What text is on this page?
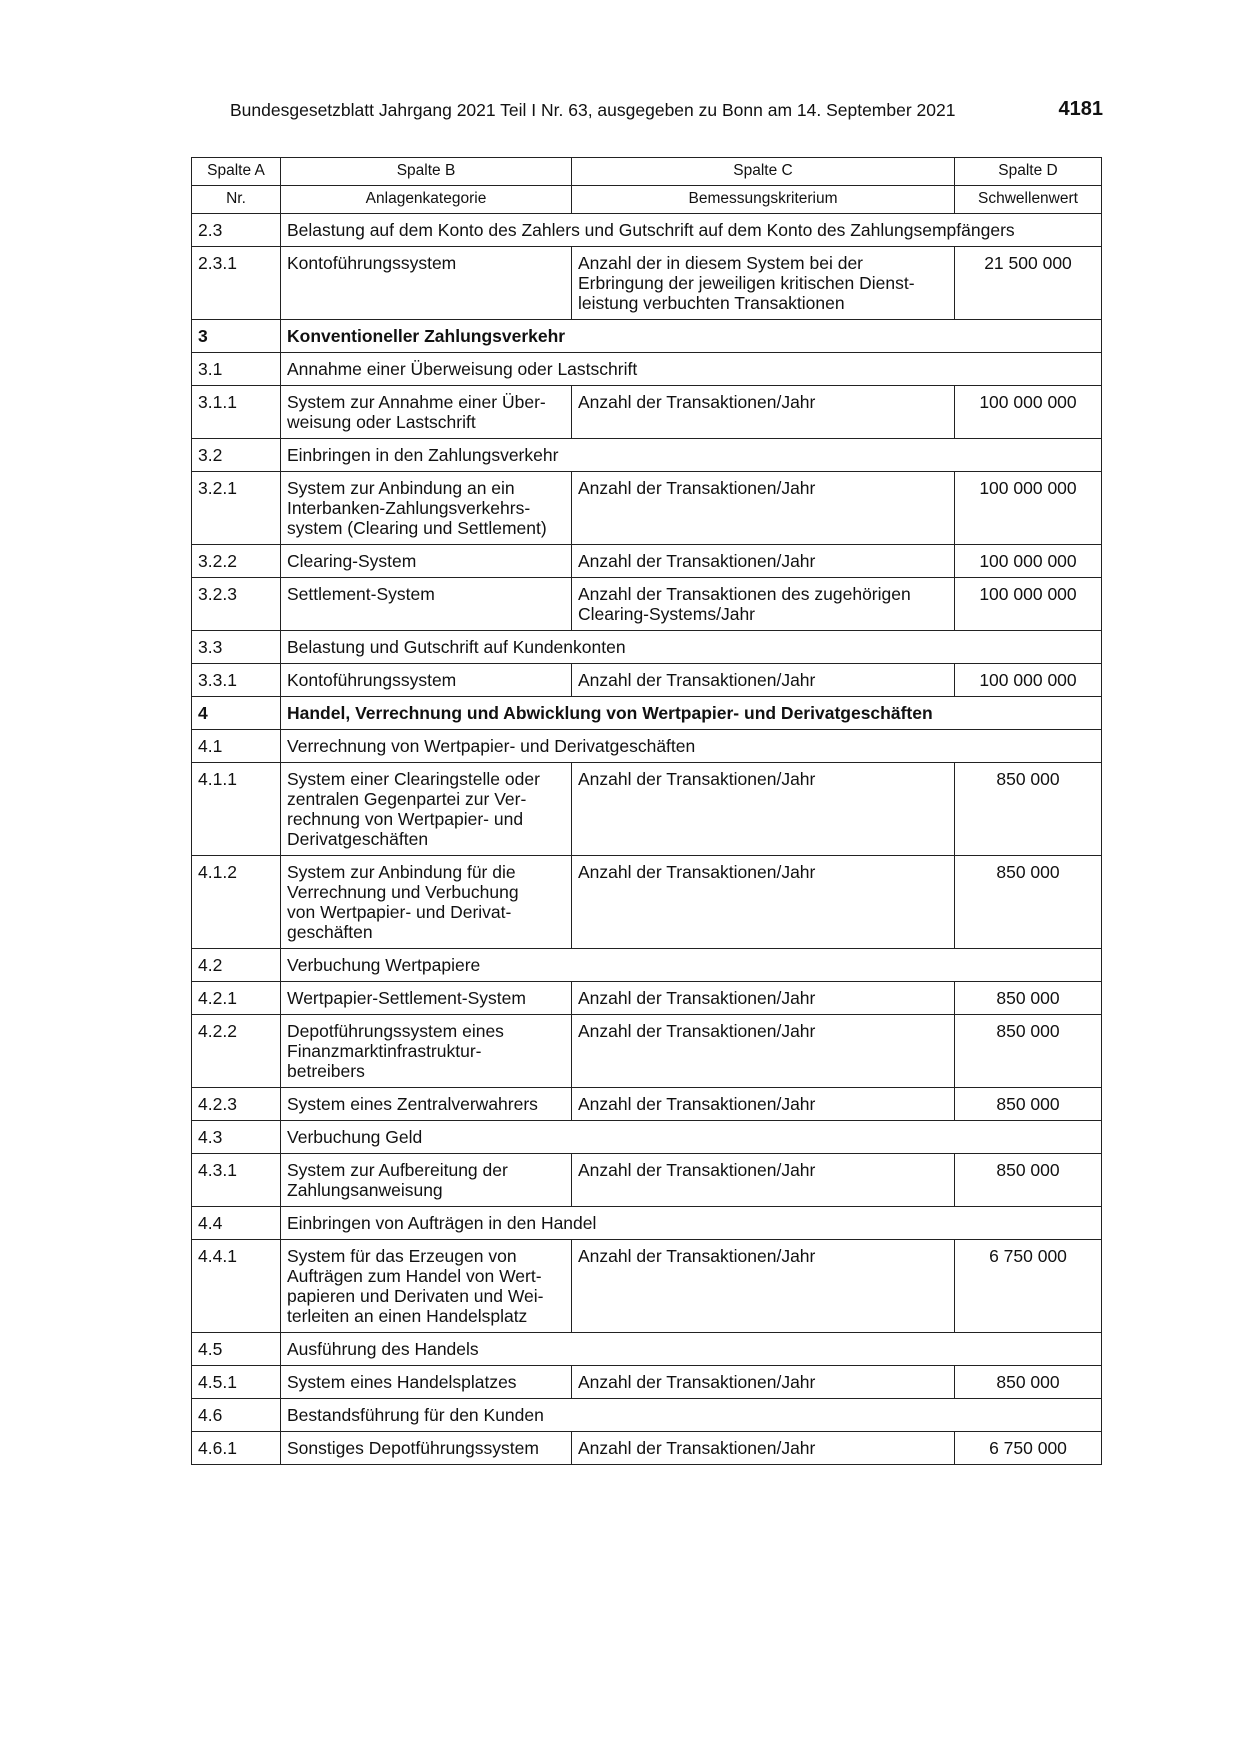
Bundesgesetzblatt Jahrgang 2021 Teil I Nr. 63, ausgegeben zu Bonn am 14. September 2021	4181
Spalte A	Spalte B	Spalte C	Spalte D
Nr.	Anlagenkategorie	Bemessungskriterium	Schwellenwert
2.3	Belastung auf dem Konto des Zahlers und Gutschrift auf dem Konto des Zahlungsempfängers		
2.3.1	Kontoführungssystem	Anzahl der in diesem System bei der
Erbringung der jeweiligen kritischen Dienst-
leistung verbuchten Transaktionen	21 500 000
3	Konventioneller Zahlungsverkehr		
3.1	Annahme einer Überweisung oder Lastschrift		
3.1.1	System zur Annahme einer Über-
weisung oder Lastschrift	Anzahl der Transaktionen/Jahr	100 000 000
3.2	Einbringen in den Zahlungsverkehr		
3.2.1	System zur Anbindung an ein
Interbanken-Zahlungsverkehrs-
system (Clearing und Settlement)	Anzahl der Transaktionen/Jahr	100 000 000
3.2.2	Clearing-System	Anzahl der Transaktionen/Jahr	100 000 000
3.2.3	Settlement-System	Anzahl der Transaktionen des zugehörigen
Clearing-Systems/Jahr	100 000 000
3.3	Belastung und Gutschrift auf Kundenkonten		
3.3.1	Kontoführungssystem	Anzahl der Transaktionen/Jahr	100 000 000
4	Handel, Verrechnung und Abwicklung von Wertpapier- und Derivatgeschäften		
4.1	Verrechnung von Wertpapier- und Derivatgeschäften		
4.1.1	System einer Clearingstelle oder
zentralen Gegenpartei zur Ver-
rechnung von Wertpapier- und
Derivatgeschäften	Anzahl der Transaktionen/Jahr	850 000
4.1.2	System zur Anbindung für die
Verrechnung und Verbuchung
von Wertpapier- und Derivat-
geschäften	Anzahl der Transaktionen/Jahr	850 000
4.2	Verbuchung Wertpapiere		
4.2.1	Wertpapier-Settlement-System	Anzahl der Transaktionen/Jahr	850 000
4.2.2	Depotführungssystem eines
Finanzmarktinfrastruktur-
betreibers	Anzahl der Transaktionen/Jahr	850 000
4.2.3	System eines Zentralverwahrers	Anzahl der Transaktionen/Jahr	850 000
4.3	Verbuchung Geld		
4.3.1	System zur Aufbereitung der
Zahlungsanweisung	Anzahl der Transaktionen/Jahr	850 000
4.4	Einbringen von Aufträgen in den Handel		
4.4.1	System für das Erzeugen von
Aufträgen zum Handel von Wert-
papieren und Derivaten und Wei-
terleiten an einen Handelsplatz	Anzahl der Transaktionen/Jahr	6 750 000
4.5	Ausführung des Handels		
4.5.1	System eines Handelsplatzes	Anzahl der Transaktionen/Jahr	850 000
4.6	Bestandsführung für den Kunden		
4.6.1	Sonstiges Depotführungssystem	Anzahl der Transaktionen/Jahr	6 750 000
